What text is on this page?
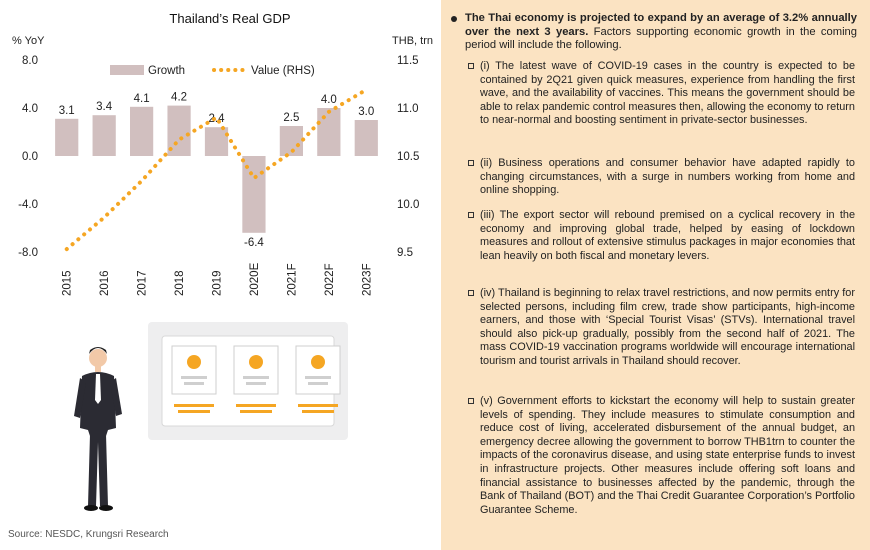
Thailand’s Real GDP
% YoY	THB, trn
8.0
4.0
0.0
-4.0
-8.0
11.5
11.0
10.5
10.0
9.5
3.1 3.4
4.1 4.2
2.4
-6.4
2.5
4.0
3.0
2015 2016 2017 2018 2019 2020E 2021F 2022F 2023F
Growth	Value (RHS)
Source: NESDC, Krungsri Research
The Thai economy is projected to expand by an average of 3.2% annually over the next 3 years. Factors supporting economic growth in the coming period will include the following.
(i) The latest wave of COVID-19 cases in the country is expected to be contained by 2Q21 given quick measures, experience from handling the first wave, and the availability of vaccines. This means the government should be able to relax pandemic control measures then, allowing the economy to return to near-normal and boosting sentiment in private-sector businesses.
(ii) Business operations and consumer behavior have adapted rapidly to changing circumstances, with a surge in numbers working from home and online shopping.
(iii) The export sector will rebound premised on a cyclical recovery in the economy and improving global trade, helped by easing of lockdown measures and rollout of extensive stimulus packages in major economies that lean heavily on both fiscal and monetary levers.
(iv) Thailand is beginning to relax travel restrictions, and now permits entry for selected persons, including film crew, trade show participants, high-income earners, and those with ‘Special Tourist Visas’ (STVs). International travel should also pick-up gradually, possibly from the second half of 2021. The mass COVID-19 vaccination programs worldwide will encourage international tourism and tourist arrivals in Thailand should recover.
(v) Government efforts to kickstart the economy will help to sustain greater levels of spending. They include measures to stimulate consumption and reduce cost of living, accelerated disbursement of the annual budget, an emergency decree allowing the government to borrow THB1trn to counter the impacts of the coronavirus disease, and using state enterprise funds to invest in infrastructure projects. Other measures include offering soft loans and financial assistance to businesses affected by the pandemic, through the Bank of Thailand (BOT) and the Thai Credit Guarantee Corporation’s Portfolio Guarantee Scheme.
